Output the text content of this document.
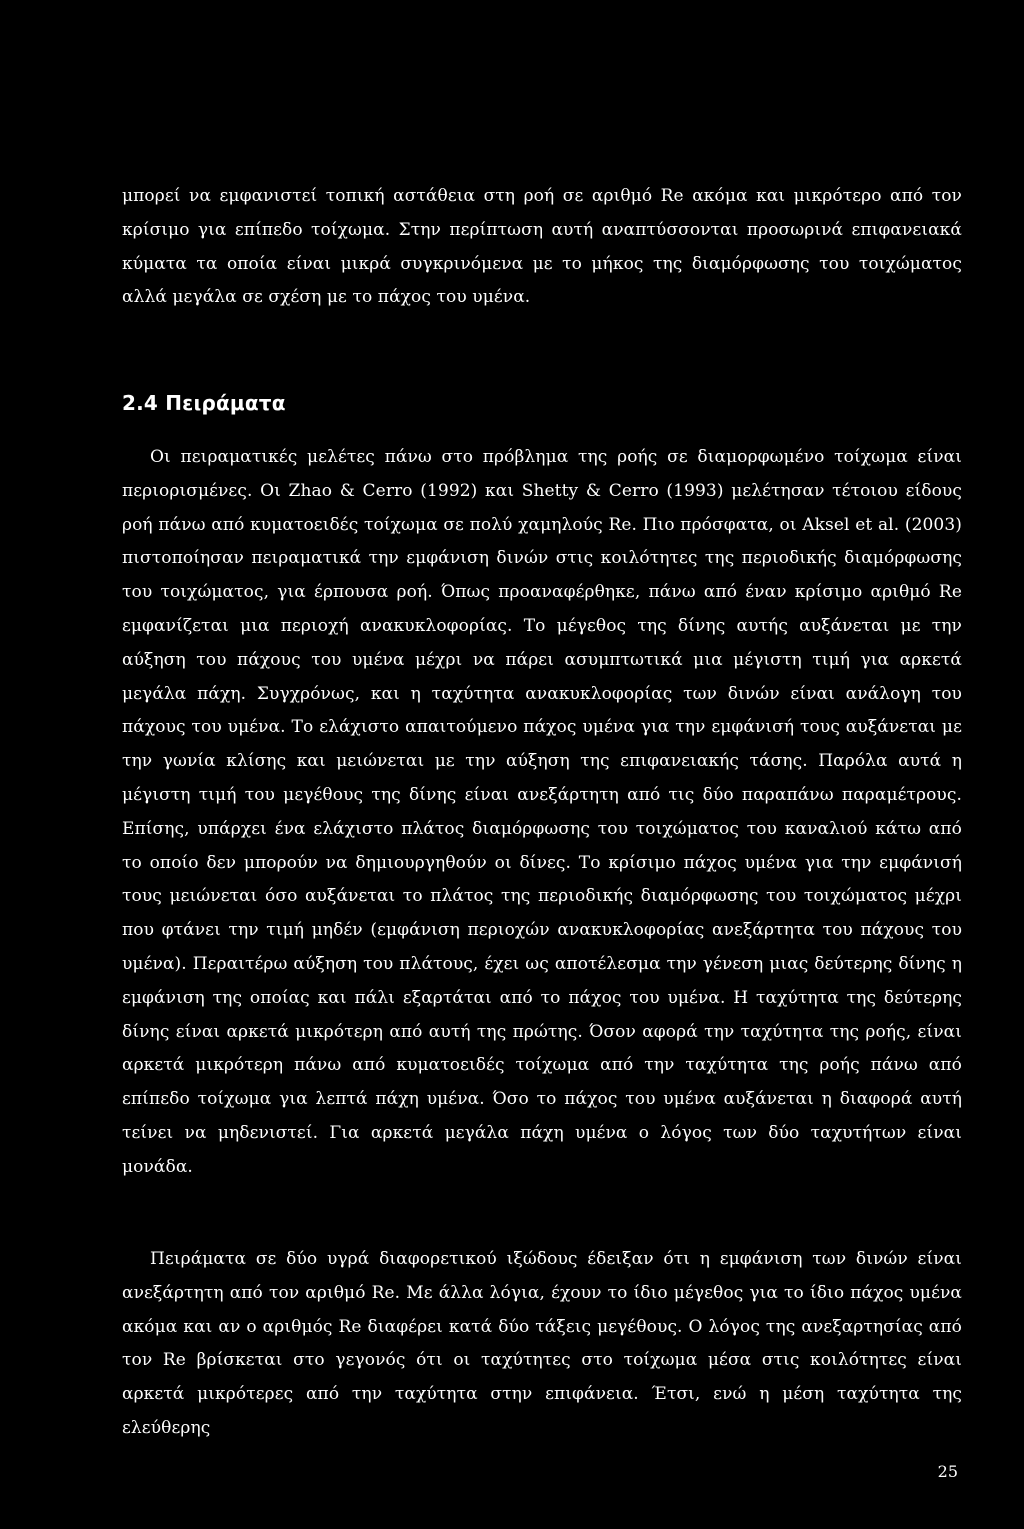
μπορεί να εμφανιστεί τοπική αστάθεια στη ροή σε αριθμό Re ακόμα και μικρότερο από τον κρίσιμο για επίπεδο τοίχωμα. Στην περίπτωση αυτή αναπτύσσονται προσωρινά επιφανειακά κύματα τα οποία είναι μικρά συγκρινόμενα με το μήκος της διαμόρφωσης του τοιχώματος αλλά μεγάλα σε σχέση με το πάχος του υμένα.
2.4 Πειράματα
Οι πειραματικές μελέτες πάνω στο πρόβλημα της ροής σε διαμορφωμένο τοίχωμα είναι περιορισμένες. Οι Zhao & Cerro (1992) και Shetty & Cerro (1993) μελέτησαν τέτοιου είδους ροή πάνω από κυματοειδές τοίχωμα σε πολύ χαμηλούς Re. Πιο πρόσφατα, οι Aksel et al. (2003) πιστοποίησαν πειραματικά την εμφάνιση δινών στις κοιλότητες της περιοδικής διαμόρφωσης του τοιχώματος, για έρπουσα ροή. Όπως προαναφέρθηκε, πάνω από έναν κρίσιμο αριθμό Re εμφανίζεται μια περιοχή ανακυκλοφορίας. Το μέγεθος της δίνης αυτής αυξάνεται με την αύξηση του πάχους του υμένα μέχρι να πάρει ασυμπτωτικά μια μέγιστη τιμή για αρκετά μεγάλα πάχη. Συγχρόνως, και η ταχύτητα ανακυκλοφορίας των δινών είναι ανάλογη του πάχους του υμένα. Το ελάχιστο απαιτούμενο πάχος υμένα για την εμφάνισή τους αυξάνεται με την γωνία κλίσης και μειώνεται με την αύξηση της επιφανειακής τάσης. Παρόλα αυτά η μέγιστη τιμή του μεγέθους της δίνης είναι ανεξάρτητη από τις δύο παραπάνω παραμέτρους. Επίσης, υπάρχει ένα ελάχιστο πλάτος διαμόρφωσης του τοιχώματος του καναλιού κάτω από το οποίο δεν μπορούν να δημιουργηθούν οι δίνες. Το κρίσιμο πάχος υμένα για την εμφάνισή τους μειώνεται όσο αυξάνεται το πλάτος της περιοδικής διαμόρφωσης του τοιχώματος μέχρι που φτάνει την τιμή μηδέν (εμφάνιση περιοχών ανακυκλοφορίας ανεξάρτητα του πάχους του υμένα). Περαιτέρω αύξηση του πλάτους, έχει ως αποτέλεσμα την γένεση μιας δεύτερης δίνης η εμφάνιση της οποίας και πάλι εξαρτάται από το πάχος του υμένα. Η ταχύτητα της δεύτερης δίνης είναι αρκετά μικρότερη από αυτή της πρώτης. Όσον αφορά την ταχύτητα της ροής, είναι αρκετά μικρότερη πάνω από κυματοειδές τοίχωμα από την ταχύτητα της ροής πάνω από επίπεδο τοίχωμα για λεπτά πάχη υμένα. Όσο το πάχος του υμένα αυξάνεται η διαφορά αυτή τείνει να μηδενιστεί. Για αρκετά μεγάλα πάχη υμένα ο λόγος των δύο ταχυτήτων είναι μονάδα.
Πειράματα σε δύο υγρά διαφορετικού ιξώδους έδειξαν ότι η εμφάνιση των δινών είναι ανεξάρτητη από τον αριθμό Re. Με άλλα λόγια, έχουν το ίδιο μέγεθος για το ίδιο πάχος υμένα ακόμα και αν ο αριθμός Re διαφέρει κατά δύο τάξεις μεγέθους. Ο λόγος της ανεξαρτησίας από τον Re βρίσκεται στο γεγονός ότι οι ταχύτητες στο τοίχωμα μέσα στις κοιλότητες είναι αρκετά μικρότερες από την ταχύτητα στην επιφάνεια. Έτσι, ενώ η μέση ταχύτητα της ελεύθερης
25
